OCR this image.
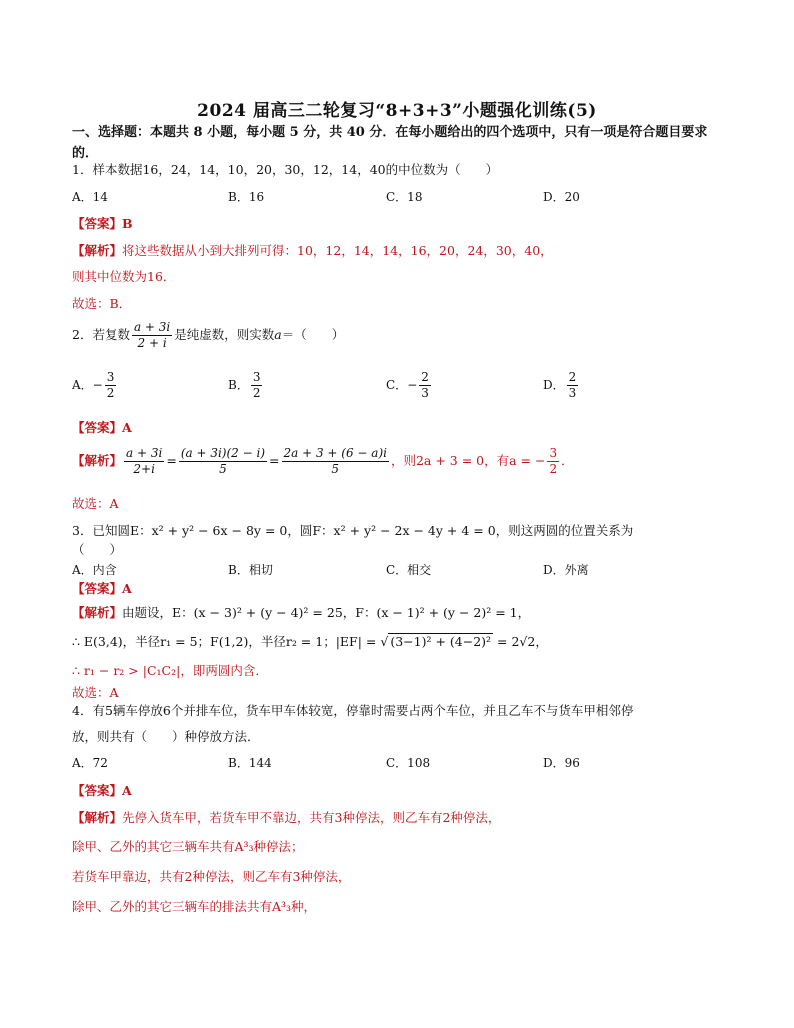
2024 届高三二轮复习“8+3+3”小题强化训练(5)
一、选择题：本题共 8 小题，每小题 5 分，共 40 分．在每小题给出的四个选项中，只有一项是符合题目要求的．
1．样本数据16，24，14，10，20，30，12，14，40的中位数为（　　）
A．14	B．16	C．18	D．20
【答案】B
【解析】将这些数据从小到大排列可得：10，12，14，14，16，20，24，30，40，
则其中位数为16．
故选：B．
2．若复数 $\frac{a + 3i}{2 + i}$ 是纯虚数，则实数a＝（　　）
A．− $\frac{3}{2}$	B． $\frac{3}{2}$	C．− $\frac{2}{3}$	D． $\frac{2}{3}$
【答案】A
【解析】 $\frac{a + 3i}{2+i} = \frac{(a + 3i)(2 - i)}{5} = \frac{2a + 3 + (6 - a)i}{5}$ ，则2a + 3 = 0，有a = − $\frac{3}{2}$ ．
故选：A
3．已知圆E：x² + y² − 6x − 8y = 0，圆F：x² + y² − 2x − 4y + 4 = 0，则这两圆的位置关系为
（　　）
A．内含	B．相切	C．相交	D．外离
【答案】A
【解析】由题设，E：(x − 3)² + (y − 4)² = 25，F：(x − 1)² + (y − 2)² = 1，
∴ E(3,4)，半径r₁ = 5；F(1,2)，半径r₂ = 1；|EF| = √ (3−1)² + (4−2)² = 2√2，
∴ r₁ − r₂ > |C₁C₂|，即两圆内含．
故选：A
4．有5辆车停放6个并排车位，货车甲车体较宽，停靠时需要占两个车位，并且乙车不与货车甲相邻停
放，则共有（　　）种停放方法．
A．72	B．144	C．108	D．96
【答案】A
【解析】先停入货车甲，若货车甲不靠边，共有3种停法，则乙车有2种停法，
除甲、乙外的其它三辆车共有A³₃种停法；
若货车甲靠边，共有2种停法，则乙车有3种停法，
除甲、乙外的其它三辆车的排法共有A³₃种，
